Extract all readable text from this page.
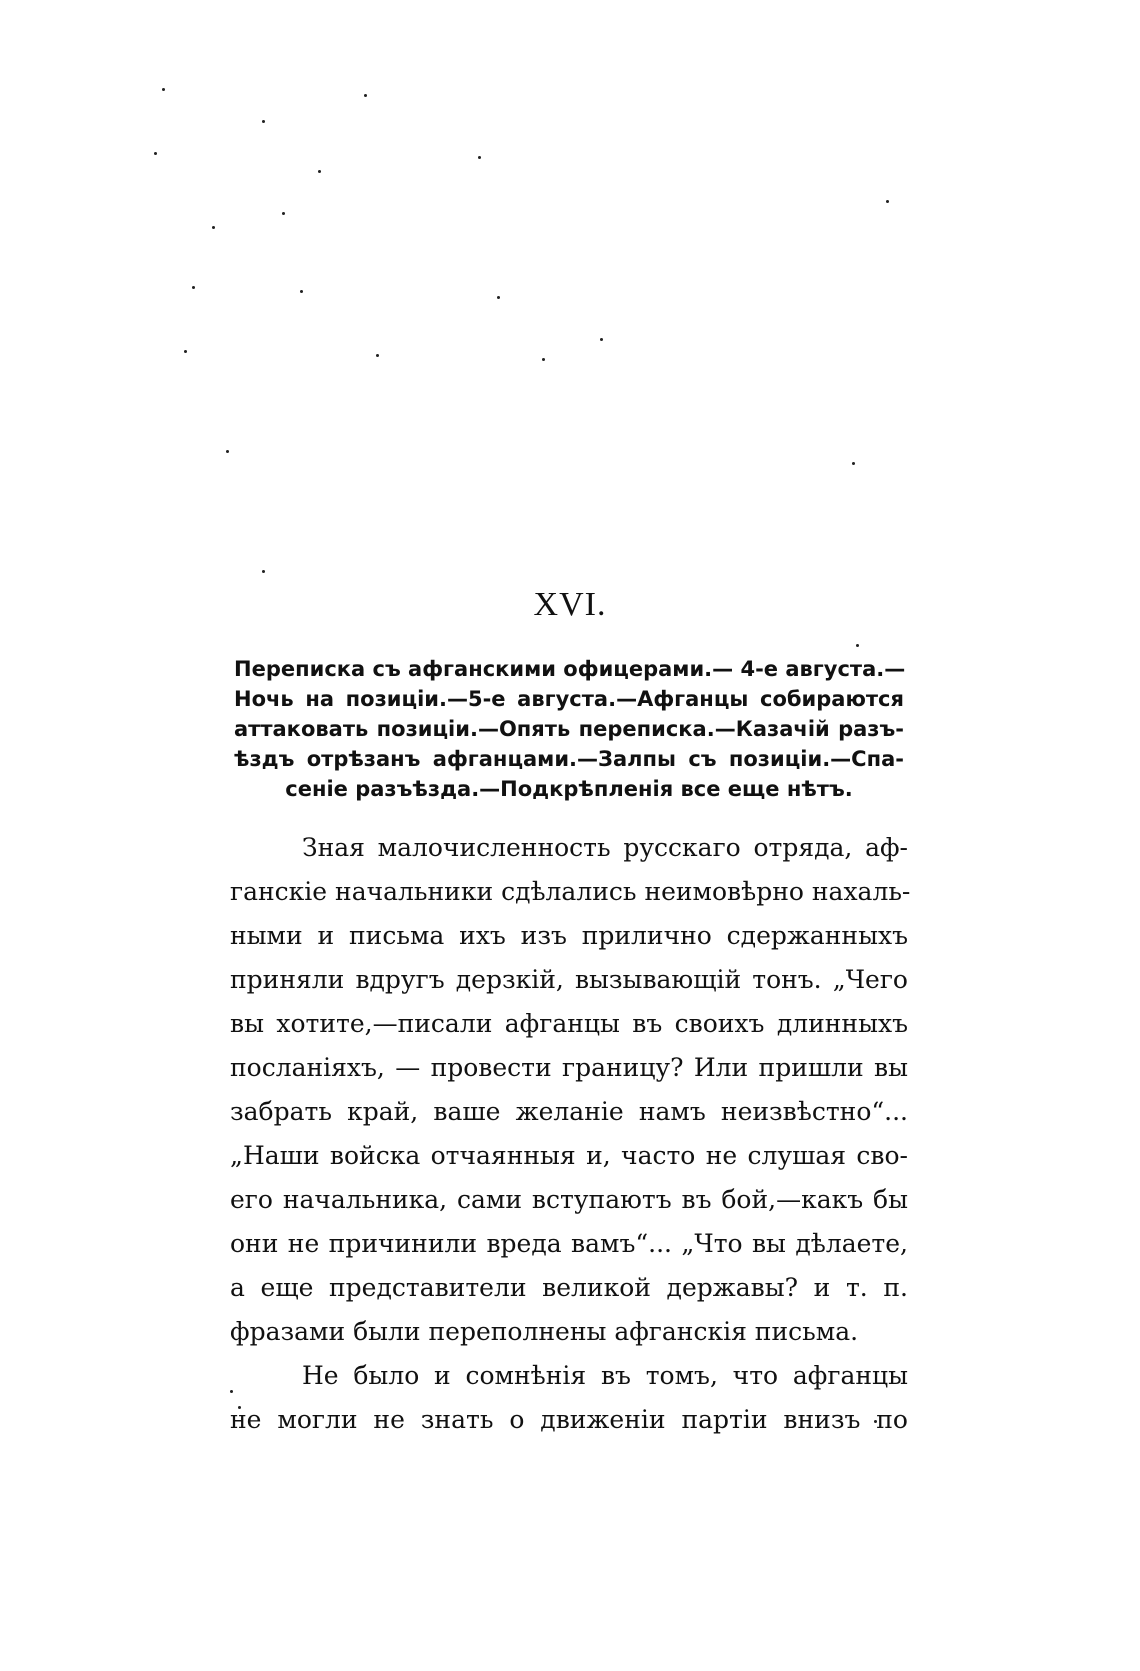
XVI.
Переписка съ афганскими офицерами.— 4-е августа.—
Ночь на позиціи.—5-е августа.—Афганцы собираются
аттаковать позиціи.—Опять переписка.—Казачій разъ-
ѣздъ отрѣзанъ афганцами.—Залпы съ позиціи.—Спа-
сеніе разъѣзда.—Подкрѣпленія все еще нѣтъ.
Зная малочисленность русскаго отряда, аф-
ганскіе начальники сдѣлались неимовѣрно нахаль-
ными и письма ихъ изъ прилично сдержанныхъ
приняли вдругъ дерзкій, вызывающій тонъ. „Чего
вы хотите,—писали афганцы въ своихъ длинныхъ
посланіяхъ, — провести границу? Или пришли вы
забрать край, ваше желаніе намъ неизвѣстно“...
„Наши войска отчаянныя и, часто не слушая сво-
его начальника, сами вступаютъ въ бой,—какъ бы
они не причинили вреда вамъ“... „Что вы дѣлаете,
а еще представители великой державы? и т. п.
фразами были переполнены афганскія письма.
Не было и сомнѣнія въ томъ, что афганцы
не могли не знать о движеніи партіи внизъ по
